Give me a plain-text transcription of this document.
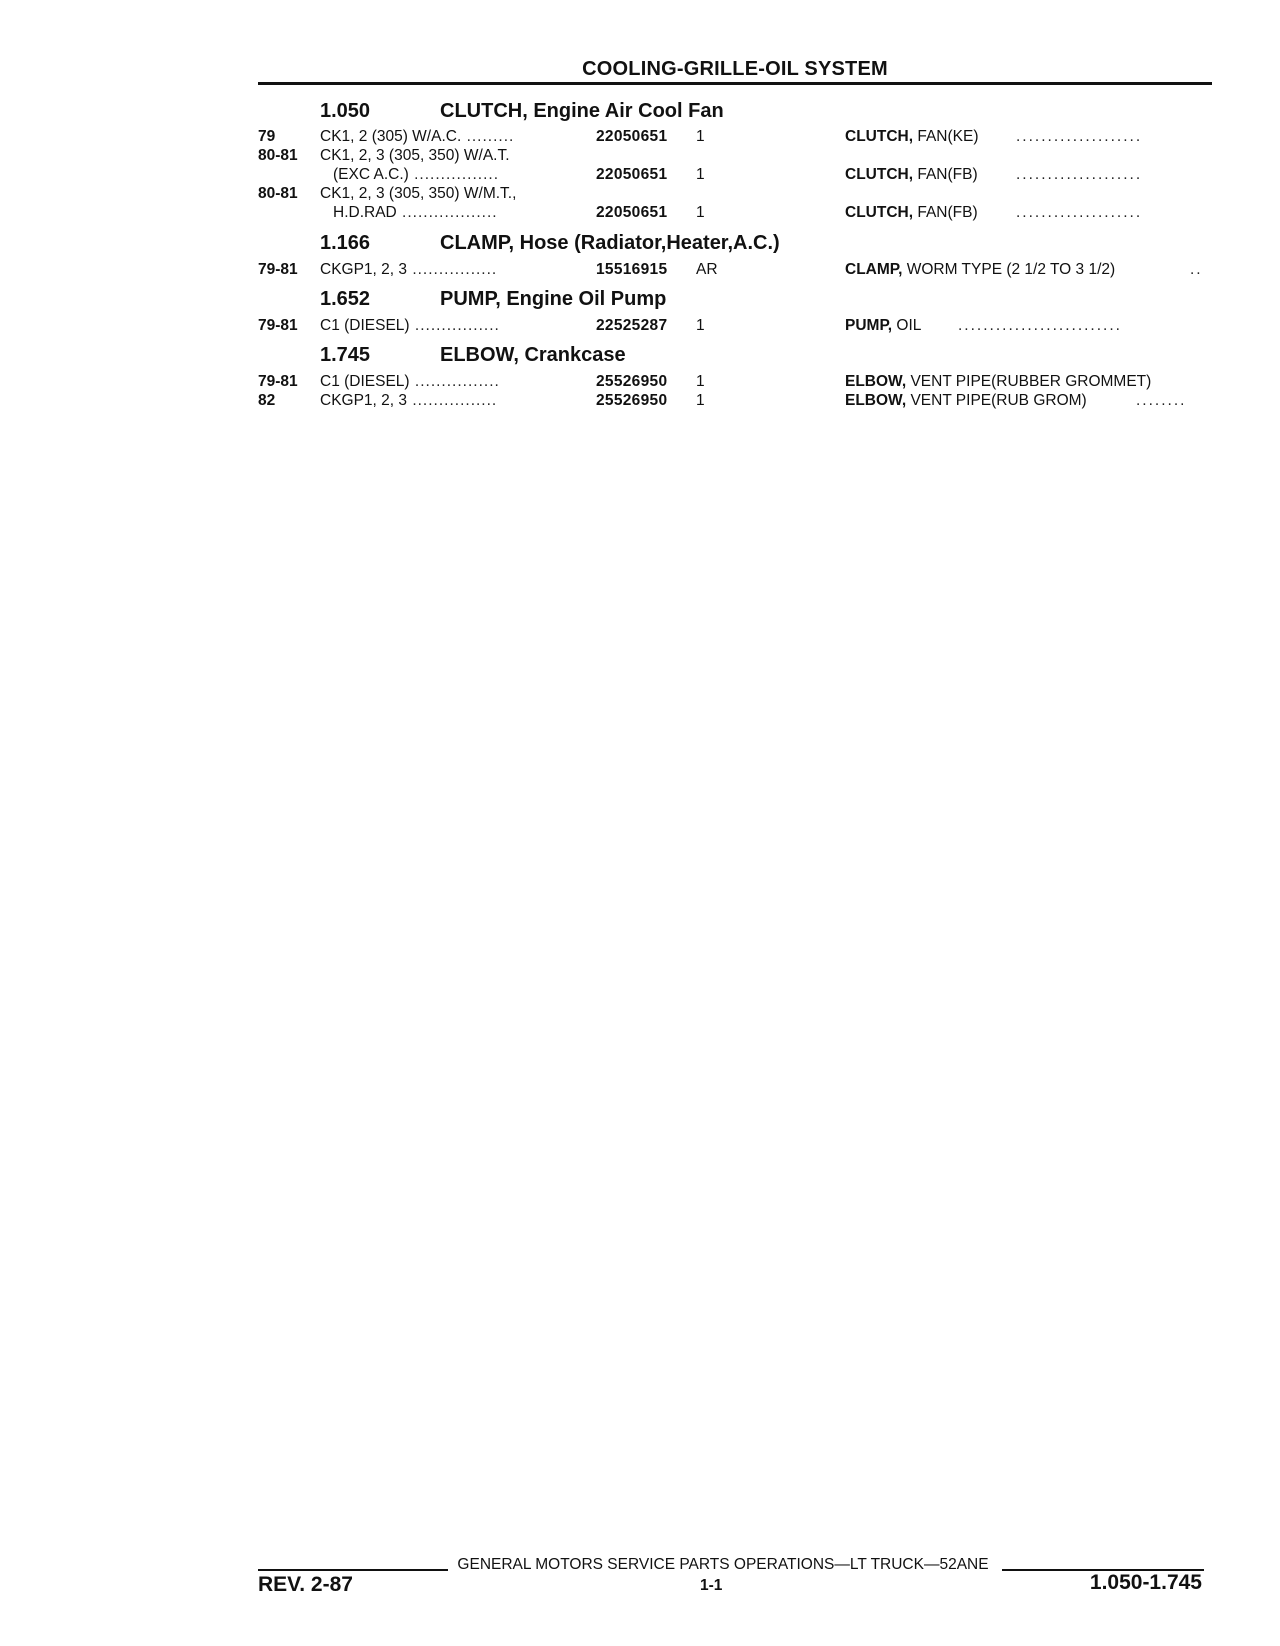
COOLING-GRILLE-OIL SYSTEM
1.050	CLUTCH, Engine Air Cool Fan
79	CK1, 2 (305) W/A.C. .........	22050651 1	CLUTCH, FAN(KE) ....................
80-81 CK1, 2, 3 (305, 350) W/A.T.
(EXC A.C.) ................	22050651 1	CLUTCH, FAN(FB) ....................
80-81 CK1, 2, 3 (305, 350) W/M.T.,
H.D.RAD ..................	22050651 1	CLUTCH, FAN(FB) ....................
1.166	CLAMP, Hose (Radiator,Heater,A.C.)
79-81 CKGP1, 2, 3 ................	15516915 AR	CLAMP, WORM TYPE (2 1/2 TO 3 1/2)	..
1.652	PUMP, Engine Oil Pump
79-81 C1 (DIESEL) ................	22525287 1	PUMP, OIL ..........................
1.745	ELBOW, Crankcase
79-81 C1 (DIESEL) ................	25526950 1	ELBOW, VENT PIPE(RUBBER GROMMET)
82	CKGP1, 2, 3 ................	25526950 1	ELBOW, VENT PIPE(RUB GROM)	........
GENERAL MOTORS SERVICE PARTS OPERATIONS—LT TRUCK—52ANE
REV. 2-87	1-1	1.050-1.745
